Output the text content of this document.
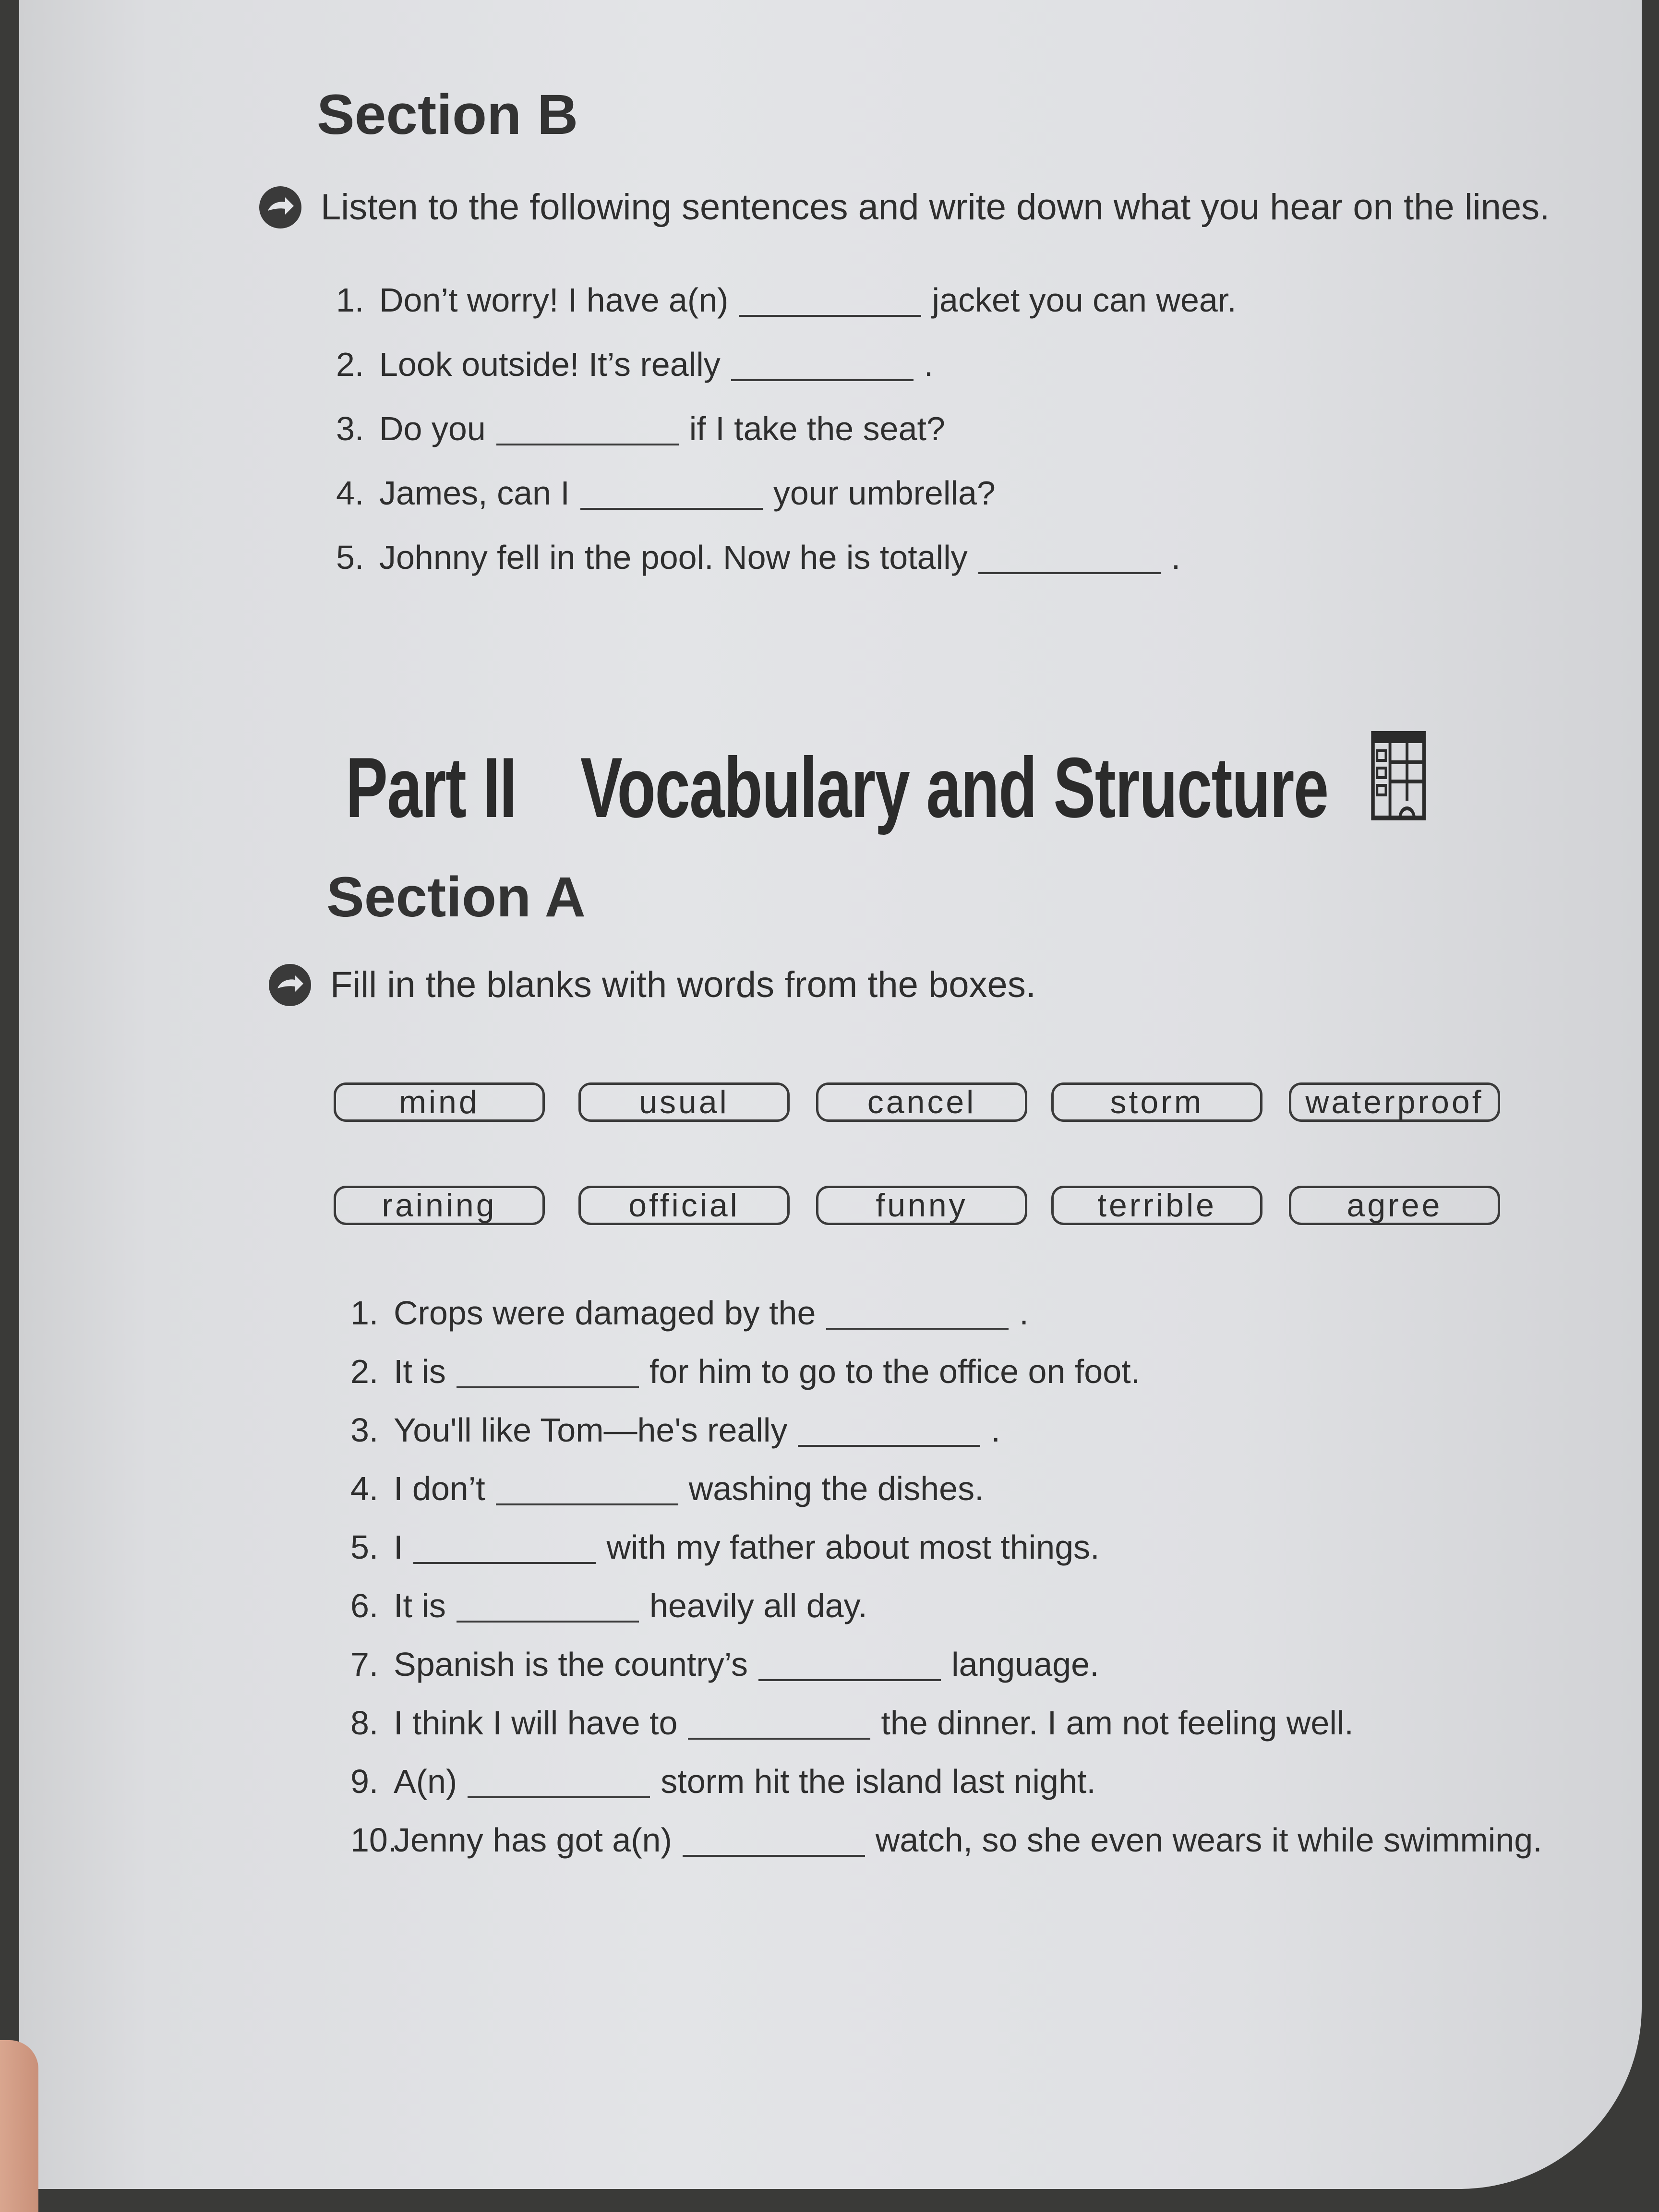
Section B
Listen to the following sentences and write down what you hear on the lines.
1. Don’t worry! I have a(n)	jacket you can wear.
2. Look outside! It’s really	.
3. Do you	if I take the seat?
4. James, can I	your umbrella?
5. Johnny fell in the pool. Now he is totally	.
Part II Vocabulary and Structure
Section A
Fill in the blanks with words from the boxes.
mind	usual	cancel	storm	waterproof
raining	official	funny	terrible	agree
1. Crops were damaged by the	.
2. It is	for him to go to the office on foot.
3. You'll like Tom—he's really	.
4. I don’t	washing the dishes.
5. I	with my father about most things.
6. It is	heavily all day.
7. Spanish is the country’s	language.
8. I think I will have to	the dinner. I am not feeling well.
9. A(n)	storm hit the island last night.
10.
Jenny has got a(n)	watch, so she even wears it while swimming.
